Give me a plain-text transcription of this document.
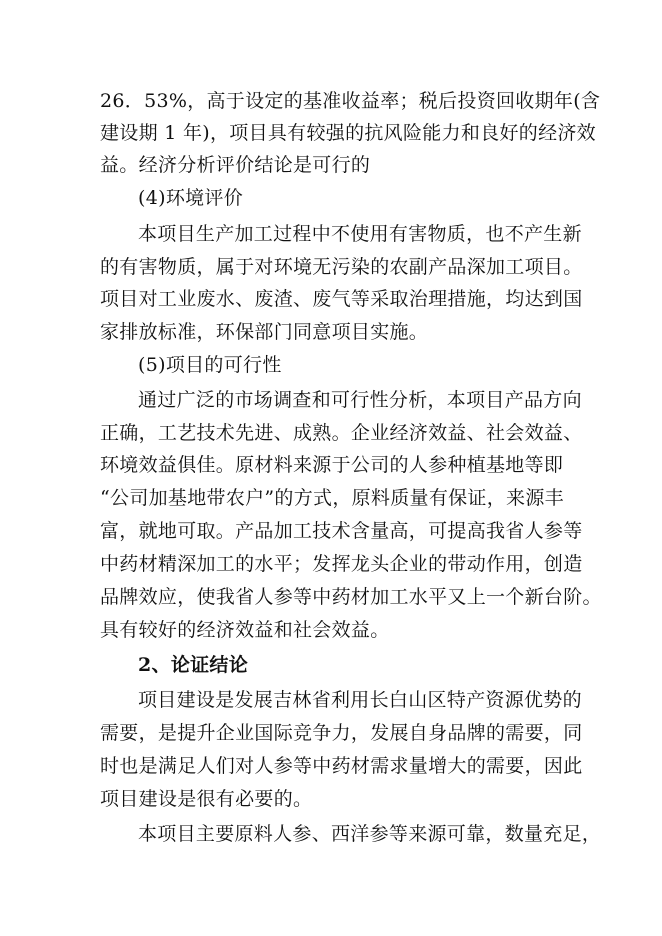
26．53%，高于设定的基准收益率；税后投资回收期年(含
建设期 1 年)，项目具有较强的抗风险能力和良好的经济效
益。经济分析评价结论是可行的
(4)环境评价
本项目生产加工过程中不使用有害物质，也不产生新
的有害物质，属于对环境无污染的农副产品深加工项目。
项目对工业废水、废渣、废气等采取治理措施，均达到国
家排放标准，环保部门同意项目实施。
(5)项目的可行性
通过广泛的市场调查和可行性分析，本项目产品方向
正确，工艺技术先进、成熟。企业经济效益、社会效益、
环境效益俱佳。原材料来源于公司的人参种植基地等即
“公司加基地带农户”的方式，原料质量有保证，来源丰
富，就地可取。产品加工技术含量高，可提高我省人参等
中药材精深加工的水平；发挥龙头企业的带动作用，创造
品牌效应，使我省人参等中药材加工水平又上一个新台阶。
具有较好的经济效益和社会效益。
2、论证结论
项目建设是发展吉林省利用长白山区特产资源优势的
需要，是提升企业国际竞争力，发展自身品牌的需要，同
时也是满足人们对人参等中药材需求量增大的需要，因此
项目建设是很有必要的。
本项目主要原料人参、西洋参等来源可靠，数量充足，
